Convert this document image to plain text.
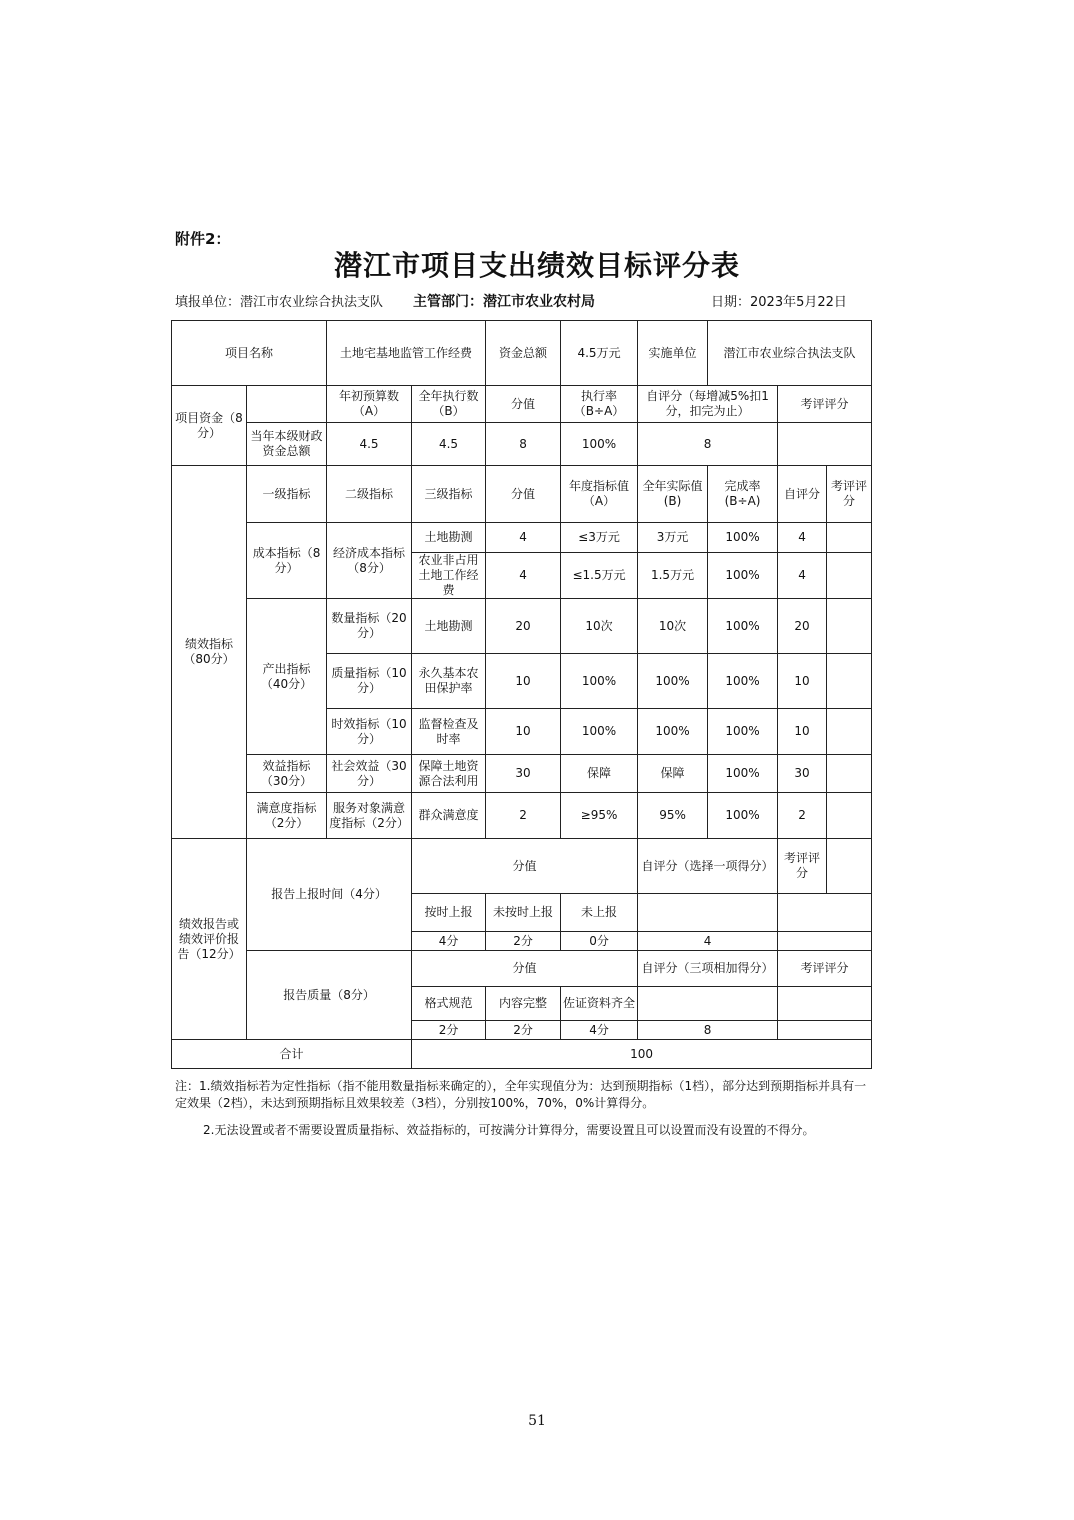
附件2：
潜江市项目支出绩效目标评分表
填报单位：潜江市农业综合执法支队 主管部门：潜江市农业农村局	日期：2023年5月22日
项目名称		土地宅基地监管工作经费		资金总额	4.5万元	实施单位	潜江市农业综合执法支队		
项目资金（8分）		年初预算数（A）	全年执行数（B）	分值	执行率（B÷A）	自评分（每增减5%扣1分，扣完为止）		考评评分	
	当年本级财政资金总额	4.5	4.5	8	100%	8			
绩效指标（80分）	一级指标	二级指标	三级指标	分值	年度指标值（A）	全年实际值(B)	完成率(B÷A)	自评分	考评评分
	成本指标（8分）	经济成本指标（8分）	土地勘测	4	≤3万元	3万元	100%	4	
			农业非占用土地工作经费	4	≤1.5万元	1.5万元	100%	4	
	产出指标（40分）	数量指标（20分）	土地勘测	20	10次	10次	100%	20	
		质量指标（10分）	永久基本农田保护率	10	100%	100%	100%	10	
		时效指标（10分）	监督检查及时率	10	100%	100%	100%	10	
	效益指标（30分）	社会效益（30分）	保障土地资源合法利用	30	保障	保障	100%	30	
	满意度指标（2分）	服务对象满意度指标（2分）	群众满意度	2	≥95%	95%	100%	2	
绩效报告或绩效评价报告（12分）	报告上报时间（4分）		分值			自评分（选择一项得分）		考评评分	
			按时上报	未按时上报	未上报				
			4分	2分	0分	4			
	报告质量（8分）		分值			自评分（三项相加得分）		考评评分	
			格式规范	内容完整	佐证资料齐全				
			2分	2分	4分	8			
合计			100						

注：1.绩效指标若为定性指标（指不能用数量指标来确定的），全年实现值分为：达到预期指标（1档），部分达到预期指标并具有一定效果（2档），未达到预期指标且效果较差（3档），分别按100%，70%，0%计算得分。

2.无法设置或者不需要设置质量指标、效益指标的，可按满分计算得分，需要设置且可以设置而没有设置的不得分。

51
